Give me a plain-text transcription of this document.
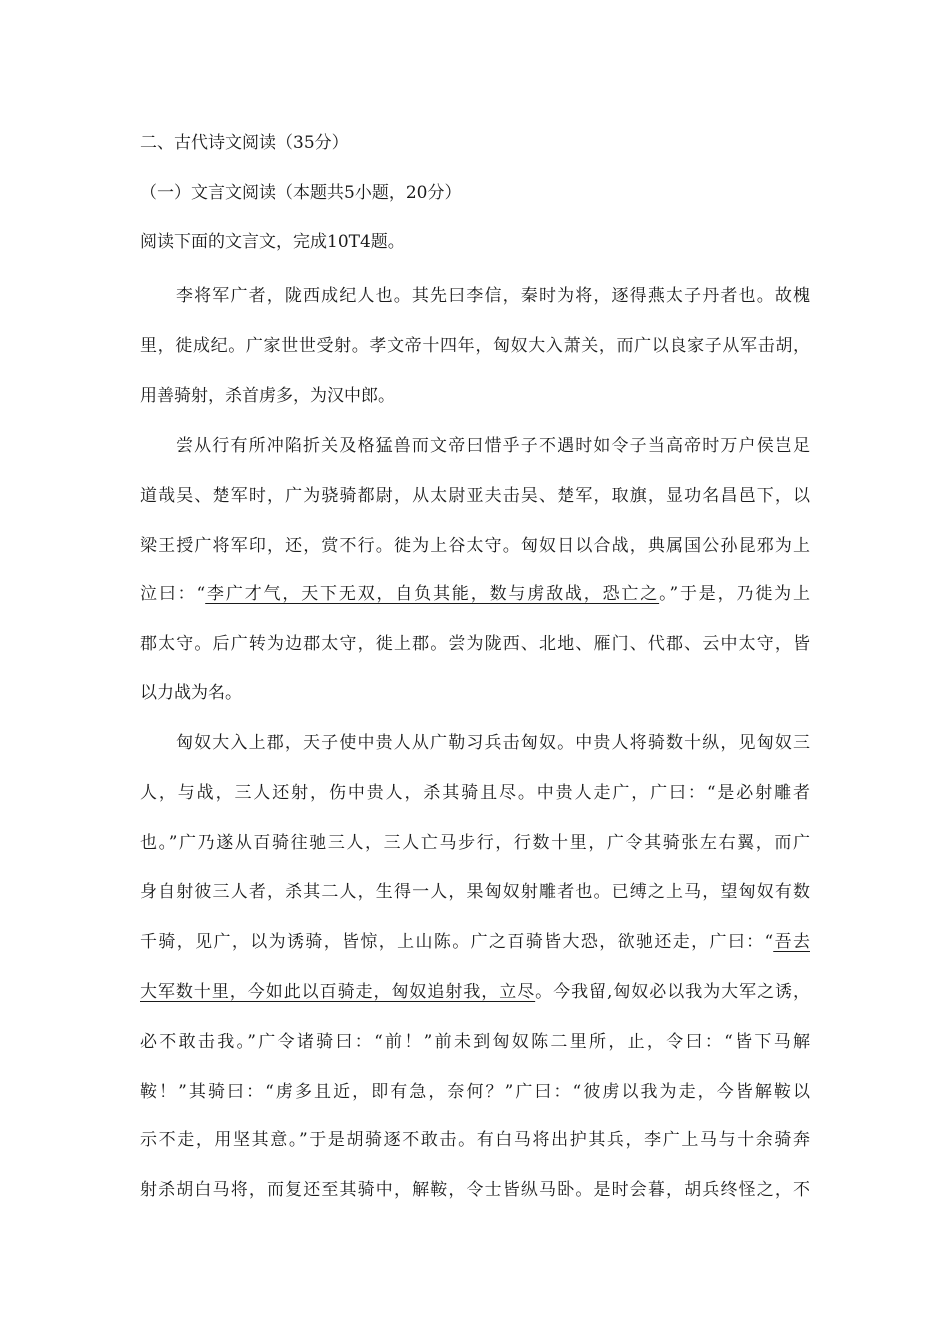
二、古代诗文阅读（35分）
（一）文言文阅读（本题共5小题，20分）
阅读下面的文言文，完成10T4题。
李将军广者，陇西成纪人也。其先曰李信，秦时为将，逐得燕太子丹者也。故槐
里，徙成纪。广家世世受射。孝文帝十四年，匈奴大入萧关，而广以良家子从军击胡，
用善骑射，杀首虏多，为汉中郎。
尝从行有所冲陷折关及格猛兽而文帝曰惜乎子不遇时如令子当高帝时万户侯岂足
道哉吴、楚军时，广为骁骑都尉，从太尉亚夫击吴、楚军，取旗，显功名昌邑下，以
梁王授广将军印，还，赏不行。徙为上谷太守。匈奴日以合战，典属国公孙昆邪为上
泣曰：“李广才气，天下无双，自负其能，数与虏敌战，恐亡之。”于是，乃徙为上
郡太守。后广转为边郡太守，徙上郡。尝为陇西、北地、雁门、代郡、云中太守，皆
以力战为名。
匈奴大入上郡，天子使中贵人从广勒习兵击匈奴。中贵人将骑数十纵，见匈奴三
人，与战，三人还射，伤中贵人，杀其骑且尽。中贵人走广，广曰：“是必射雕者
也。”广乃遂从百骑往驰三人，三人亡马步行，行数十里，广令其骑张左右翼，而广
身自射彼三人者，杀其二人，生得一人，果匈奴射雕者也。已缚之上马，望匈奴有数
千骑，见广，以为诱骑，皆惊，上山陈。广之百骑皆大恐，欲驰还走，广曰：“吾去
大军数十里，今如此以百骑走，匈奴追射我，立尽。今我留,匈奴必以我为大军之诱，
必不敢击我。”广令诸骑曰：“前！”前未到匈奴陈二里所，止，令曰：“皆下马解
鞍！”其骑曰：“虏多且近，即有急，奈何？”广曰：“彼虏以我为走，今皆解鞍以
示不走，用坚其意。”于是胡骑逐不敢击。有白马将出护其兵，李广上马与十余骑奔
射杀胡白马将，而复还至其骑中，解鞍，令士皆纵马卧。是时会暮，胡兵终怪之，不
